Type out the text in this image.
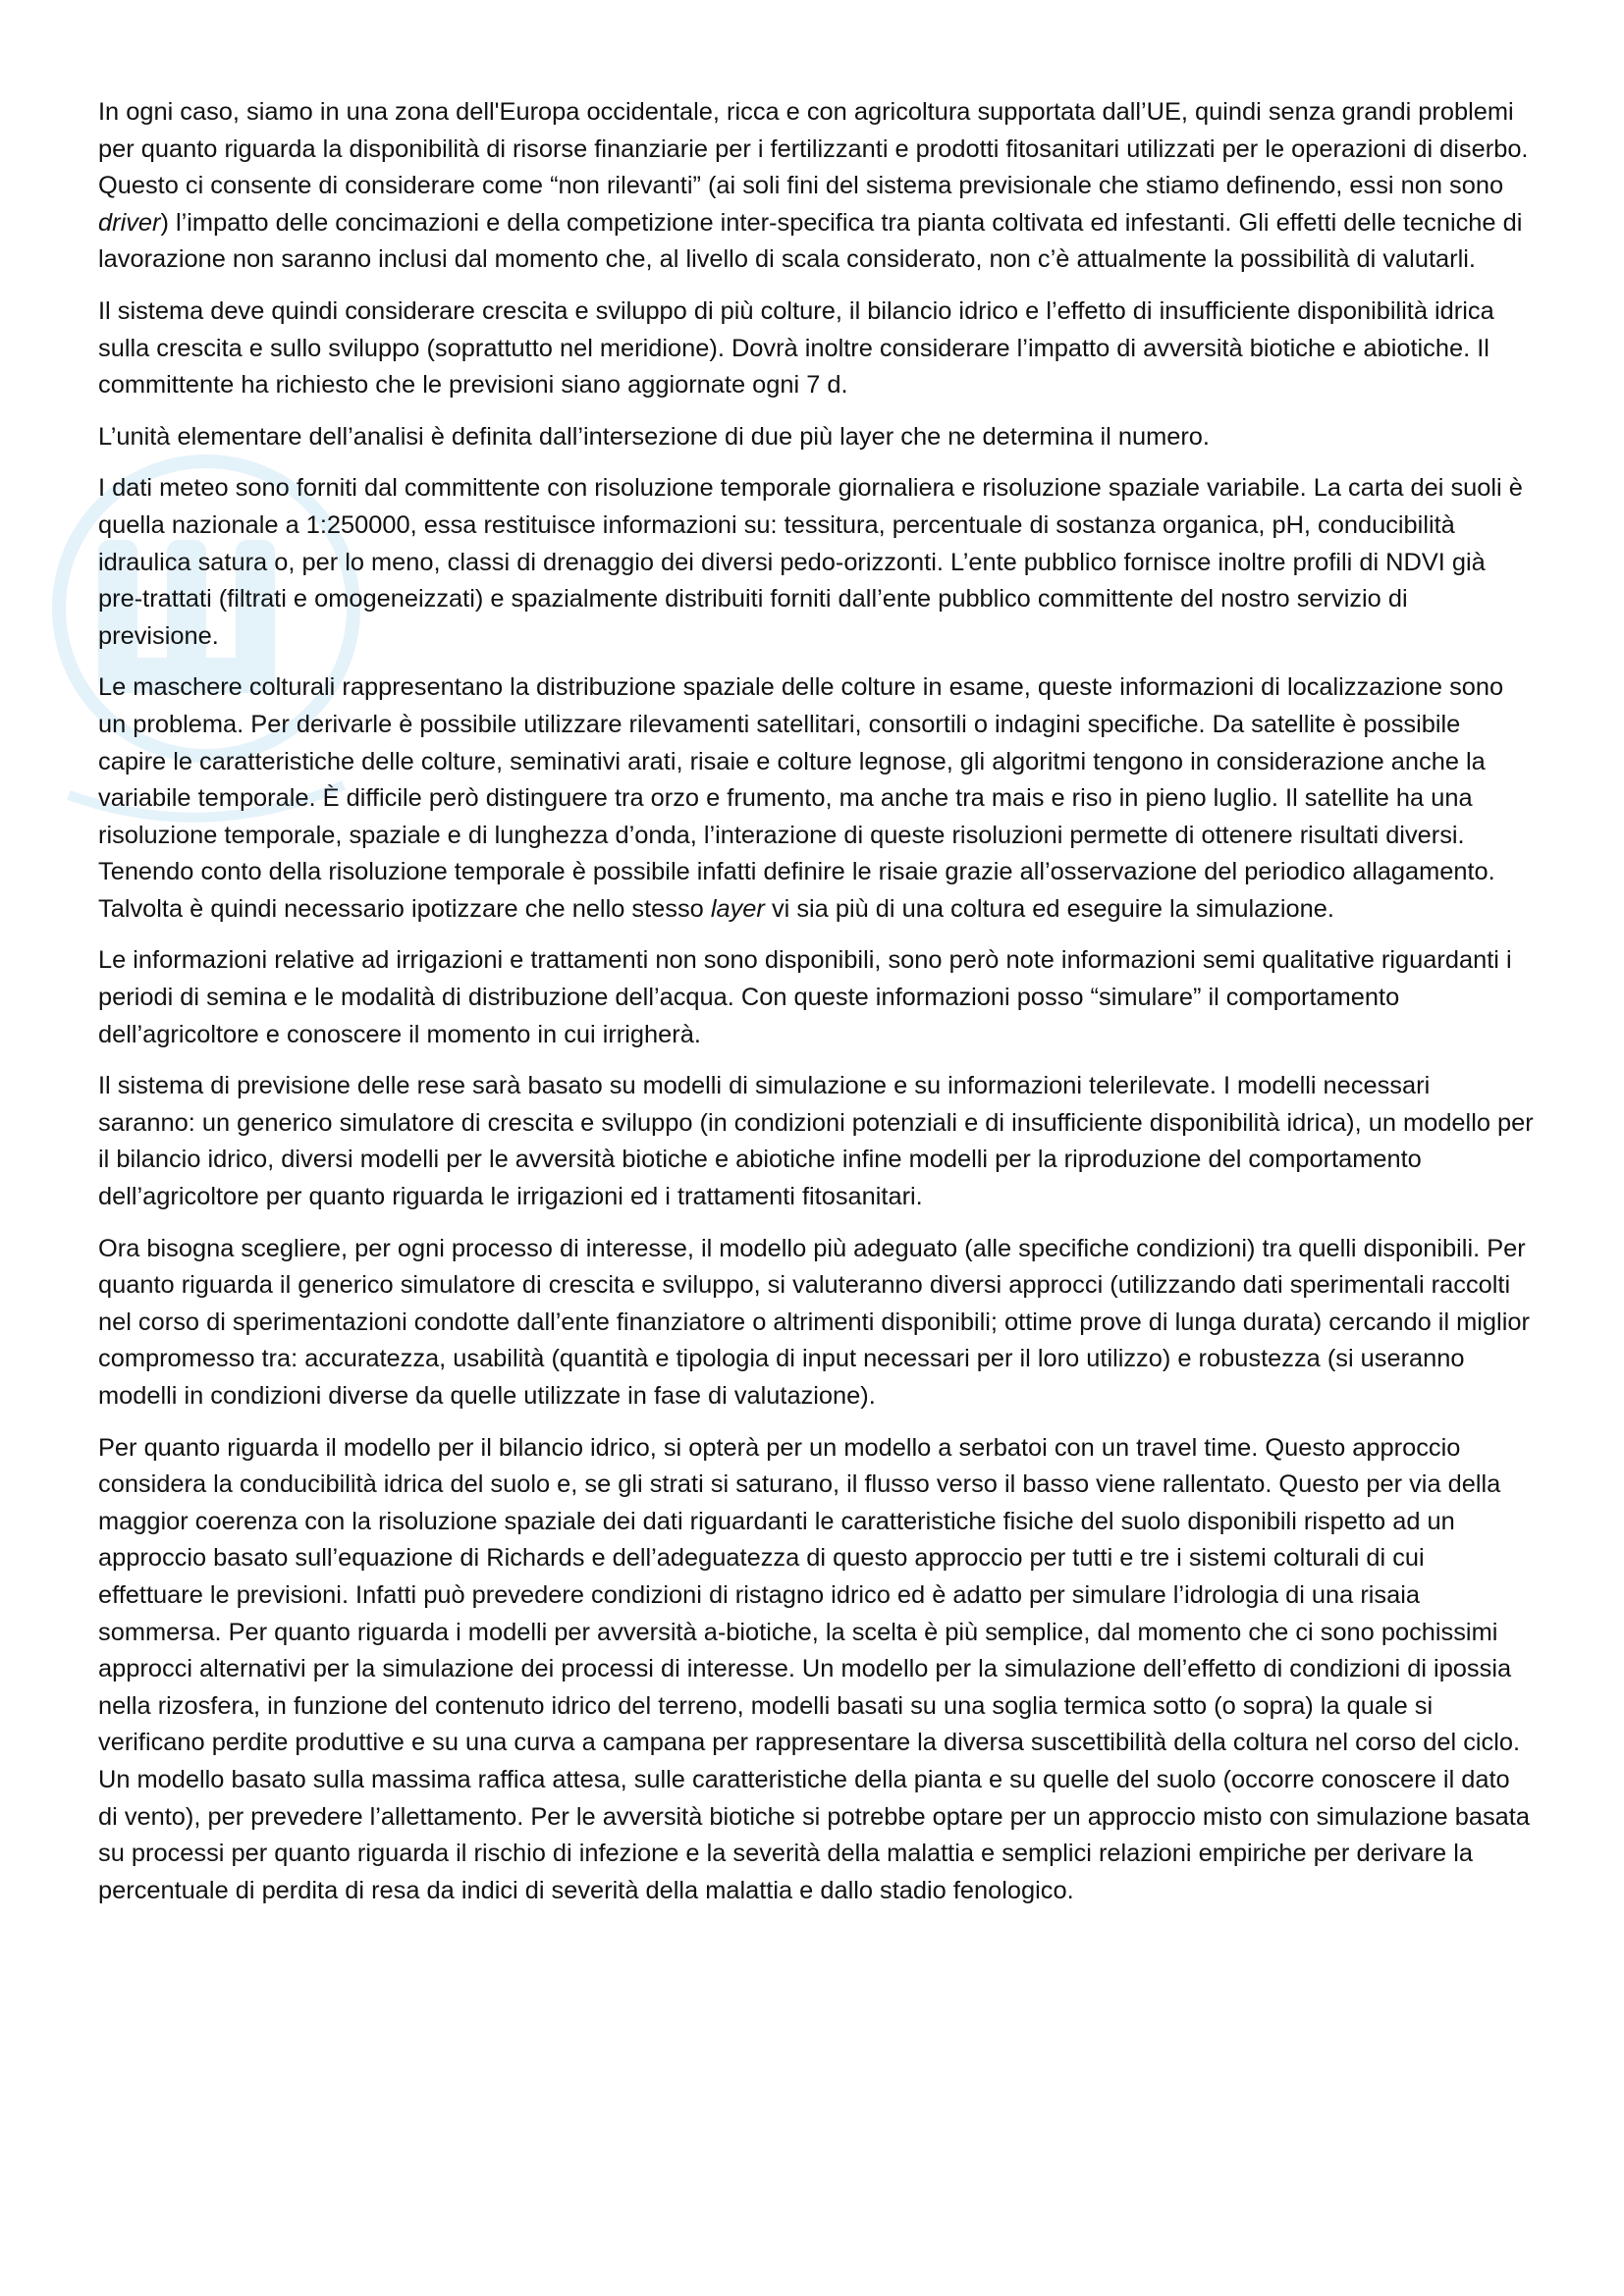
In ogni caso, siamo in una zona dell'Europa occidentale, ricca e con agricoltura supportata dall’UE, quindi senza grandi problemi per quanto riguarda la disponibilità di risorse finanziarie per i fertilizzanti e prodotti fitosanitari utilizzati per le operazioni di diserbo. Questo ci consente di considerare come “non rilevanti” (ai soli fini del sistema previsionale che stiamo definendo, essi non sono driver) l’impatto delle concimazioni e della competizione inter-specifica tra pianta coltivata ed infestanti. Gli effetti delle tecniche di lavorazione non saranno inclusi dal momento che, al livello di scala considerato, non c’è attualmente la possibilità di valutarli.

Il sistema deve quindi considerare crescita e sviluppo di più colture, il bilancio idrico e l’effetto di insufficiente disponibilità idrica sulla crescita e sullo sviluppo (soprattutto nel meridione). Dovrà inoltre considerare l’impatto di avversità biotiche e abiotiche. Il committente ha richiesto che le previsioni siano aggiornate ogni 7 d.

L’unità elementare dell’analisi è definita dall’intersezione di due più layer che ne determina il numero.

I dati meteo sono forniti dal committente con risoluzione temporale giornaliera e risoluzione spaziale variabile. La carta dei suoli è quella nazionale a 1:250000, essa restituisce informazioni su: tessitura, percentuale di sostanza organica, pH, conducibilità idraulica satura o, per lo meno, classi di drenaggio dei diversi pedo-orizzonti. L’ente pubblico fornisce inoltre profili di NDVI già pre-trattati (filtrati e omogeneizzati) e spazialmente distribuiti forniti dall’ente pubblico committente del nostro servizio di previsione.

Le maschere colturali rappresentano la distribuzione spaziale delle colture in esame, queste informazioni di localizzazione sono un problema. Per derivarle è possibile utilizzare rilevamenti satellitari, consortili o indagini specifiche. Da satellite è possibile capire le caratteristiche delle colture, seminativi arati, risaie e colture legnose, gli algoritmi tengono in considerazione anche la variabile temporale. È difficile però distinguere tra orzo e frumento, ma anche tra mais e riso in pieno luglio. Il satellite ha una risoluzione temporale, spaziale e di lunghezza d’onda, l’interazione di queste risoluzioni permette di ottenere risultati diversi. Tenendo conto della risoluzione temporale è possibile infatti definire le risaie grazie all’osservazione del periodico allagamento. Talvolta è quindi necessario ipotizzare che nello stesso layer vi sia più di una coltura ed eseguire la simulazione.

Le informazioni relative ad irrigazioni e trattamenti non sono disponibili, sono però note informazioni semi qualitative riguardanti i periodi di semina e le modalità di distribuzione dell’acqua. Con queste informazioni posso “simulare” il comportamento dell’agricoltore e conoscere il momento in cui irrigherà.

Il sistema di previsione delle rese sarà basato su modelli di simulazione e su informazioni telerilevate. I modelli necessari saranno: un generico simulatore di crescita e sviluppo (in condizioni potenziali e di insufficiente disponibilità idrica), un modello per il bilancio idrico, diversi modelli per le avversità biotiche e abiotiche infine modelli per la riproduzione del comportamento dell’agricoltore per quanto riguarda le irrigazioni ed i trattamenti fitosanitari.

Ora bisogna scegliere, per ogni processo di interesse, il modello più adeguato (alle specifiche condizioni) tra quelli disponibili. Per quanto riguarda il generico simulatore di crescita e sviluppo, si valuteranno diversi approcci (utilizzando dati sperimentali raccolti nel corso di sperimentazioni condotte dall’ente finanziatore o altrimenti disponibili; ottime prove di lunga durata) cercando il miglior compromesso tra: accuratezza, usabilità (quantità e tipologia di input necessari per il loro utilizzo) e robustezza (si useranno modelli in condizioni diverse da quelle utilizzate in fase di valutazione).

Per quanto riguarda il modello per il bilancio idrico, si opterà per un modello a serbatoi con un travel time. Questo approccio considera la conducibilità idrica del suolo e, se gli strati si saturano, il flusso verso il basso viene rallentato. Questo per via della maggior coerenza con la risoluzione spaziale dei dati riguardanti le caratteristiche fisiche del suolo disponibili rispetto ad un approccio basato sull’equazione di Richards e dell’adeguatezza di questo approccio per tutti e tre i sistemi colturali di cui effettuare le previsioni. Infatti può prevedere condizioni di ristagno idrico ed è adatto per simulare l’idrologia di una risaia sommersa. Per quanto riguarda i modelli per avversità a-biotiche, la scelta è più semplice, dal momento che ci sono pochissimi approcci alternativi per la simulazione dei processi di interesse. Un modello per la simulazione dell’effetto di condizioni di ipossia nella rizosfera, in funzione del contenuto idrico del terreno, modelli basati su una soglia termica sotto (o sopra) la quale si verificano perdite produttive e su una curva a campana per rappresentare la diversa suscettibilità della coltura nel corso del ciclo. Un modello basato sulla massima raffica attesa, sulle caratteristiche della pianta e su quelle del suolo (occorre conoscere il dato di vento), per prevedere l’allettamento. Per le avversità biotiche si potrebbe optare per un approccio misto con simulazione basata su processi per quanto riguarda il rischio di infezione e la severità della malattia e semplici relazioni empiriche per derivare la percentuale di perdita di resa da indici di severità della malattia e dallo stadio fenologico.
